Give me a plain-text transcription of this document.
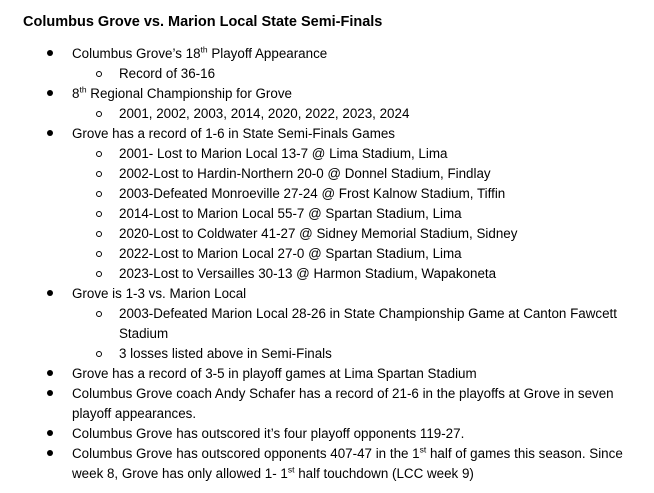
Columbus Grove vs. Marion Local State Semi-Finals
Columbus Grove’s 18th Playoff Appearance
Record of 36-16
8th Regional Championship for Grove
2001, 2002, 2003, 2014, 2020, 2022, 2023, 2024
Grove has a record of 1-6 in State Semi-Finals Games
2001- Lost to Marion Local 13-7 @ Lima Stadium, Lima
2002-Lost to Hardin-Northern 20-0 @ Donnel Stadium, Findlay
2003-Defeated Monroeville 27-24 @ Frost Kalnow Stadium, Tiffin
2014-Lost to Marion Local 55-7 @ Spartan Stadium, Lima
2020-Lost to Coldwater 41-27 @ Sidney Memorial Stadium, Sidney
2022-Lost to Marion Local 27-0 @ Spartan Stadium, Lima
2023-Lost to Versailles 30-13 @ Harmon Stadium, Wapakoneta
Grove is 1-3 vs. Marion Local
2003-Defeated Marion Local 28-26 in State Championship Game at Canton Fawcett Stadium
3 losses listed above in Semi-Finals
Grove has a record of 3-5 in playoff games at Lima Spartan Stadium
Columbus Grove coach Andy Schafer has a record of 21-6 in the playoffs at Grove in seven playoff appearances.
Columbus Grove has outscored it’s four playoff opponents 119-27.
Columbus Grove has outscored opponents 407-47 in the 1st half of games this season. Since week 8, Grove has only allowed 1- 1st half touchdown (LCC week 9)
